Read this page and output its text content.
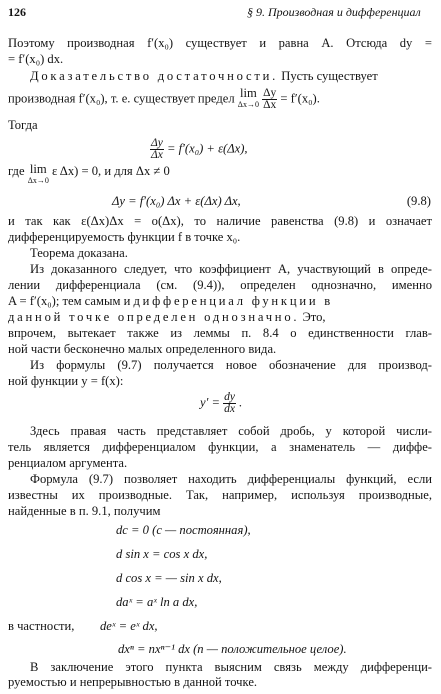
126	§ 9. Производная и дифференциал
Поэтому производная f′(x₀) существует и равна A. Отсюда dy =
= f′(x₀) dx.
Доказательство достаточности. Пусть существует
производная f′(x₀), т. е. существует предел lim
Δx→0
$\frac{\Delta y}{\Delta x} = f'(x_0)$.
Тогда
$\frac{\Delta y}{\Delta x} = f'(x_0) + \varepsilon(\Delta x)$,
где lim
Δx→0
ε Δx) = 0, и для Δx ≠ 0
Δy = f′(x₀) Δx + ε(Δx) Δx,	(9.8)
и так как ε(Δx)Δx = o(Δx), то наличие равенства (9.8) и означает
дифференцируемость функции f в точке x₀.
Теорема доказана.
Из доказанного следует, что коэффициент A, участвующий в опреде-
лении дифференциала (см. (9.4)), определен однозначно, именно
A = f′(x₀); тем самым и дифференциал функции в
данной точке определен однозначно. Это,
впрочем, вытекает также из леммы п. 8.4 о единственности глав-
ной части бесконечно малых определенного вида.
Из формулы (9.7) получается новое обозначение для производ-
ной функции y = f(x):
$y' = \frac{dy}{dx}$ .
Здесь правая часть представляет собой дробь, у которой числи-
тель является дифференциалом функции, а знаменатель — диффе-
ренциалом аргумента.
Формула (9.7) позволяет находить дифференциалы функций, если
известны их производные. Так, например, используя производные,
найденные в п. 9.1, получим
dc = 0 (c — постоянная),
d sin x = cos x dx,
d cos x = — sin x dx,
daˣ = aˣ ln a dx,
в частности, deˣ = eˣ dx,
dxⁿ = nxⁿ⁻¹ dx (n — положительное целое).
В заключение этого пункта выясним связь между дифференци-
руемостью и непрерывностью в данной точке.
